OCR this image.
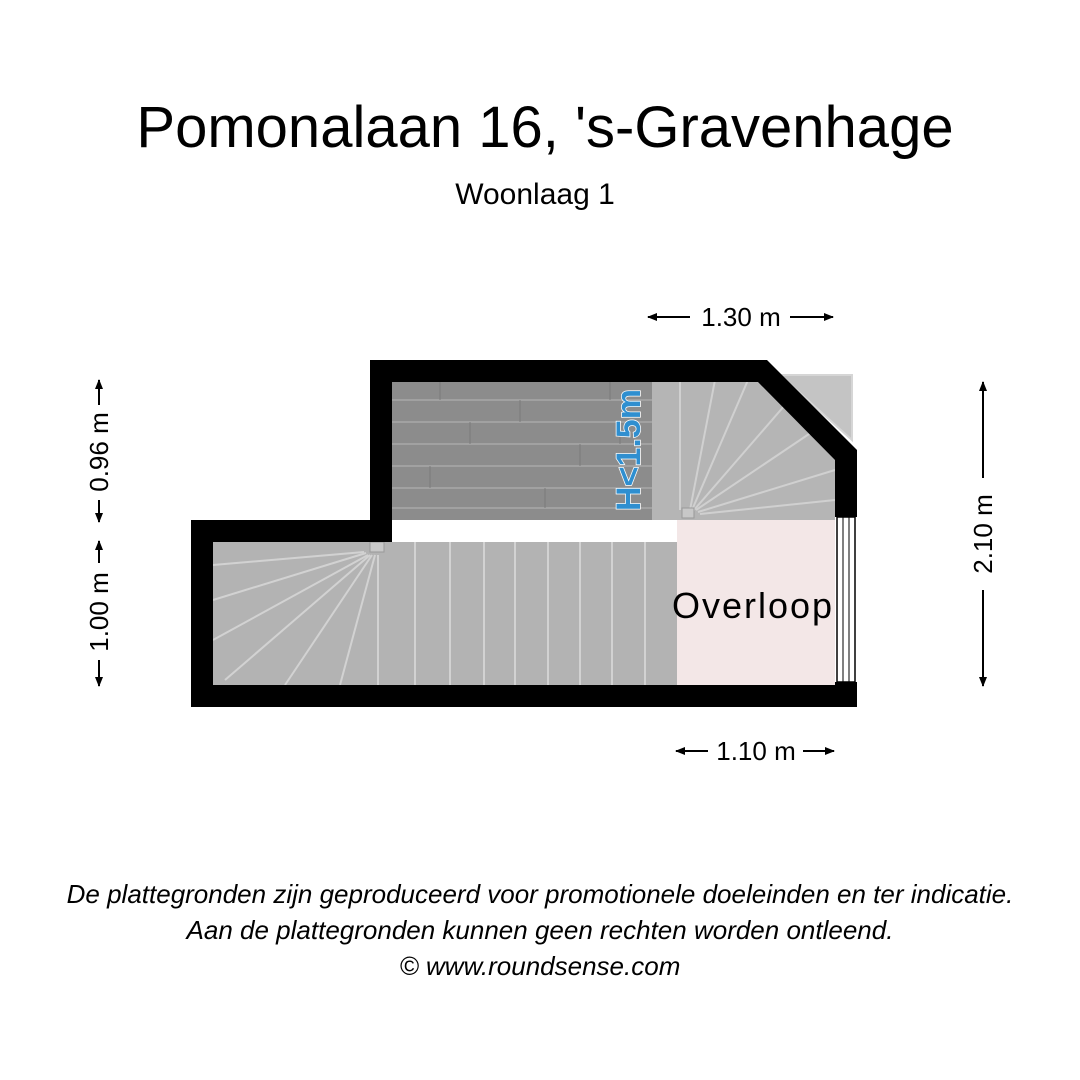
Pomonalaan 16, 's-Gravenhage
Woonlaag 1
Overloop
H<1.5m
1.30 m
1.10 m
0.96 m
1.00 m
2.10 m
De plattegronden zijn geproduceerd voor promotionele doeleinden en ter indicatie.
Aan de plattegronden kunnen geen rechten worden ontleend.
© www.roundsense.com
